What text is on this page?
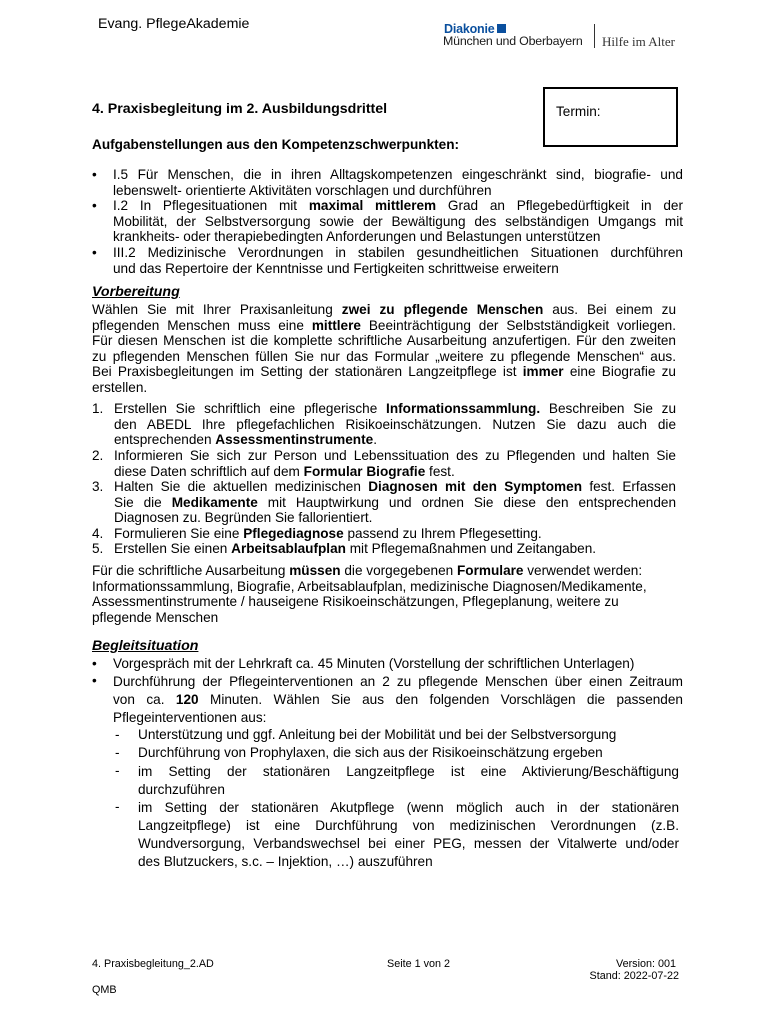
Evang. PflegeAkademie	Diakonie
München und Oberbayern Hilfe im Alter
4. Praxisbegleitung im 2. Ausbildungsdrittel	Termin:
Aufgabenstellungen aus den Kompetenzschwerpunkten:
•	I.5 Für Menschen, die in ihren Alltagskompetenzen eingeschränkt sind, biografie- und
lebenswelt- orientierte Aktivitäten vorschlagen und durchführen
•	I.2 In Pflegesituationen mit maximal mittlerem Grad an Pflegebedürftigkeit in der
Mobilität, der Selbstversorgung sowie der Bewältigung des selbständigen Umgangs mit
krankheits- oder therapiebedingten Anforderungen und Belastungen unterstützen
•	III.2 Medizinische Verordnungen in stabilen gesundheitlichen Situationen durchführen
und das Repertoire der Kenntnisse und Fertigkeiten schrittweise erweitern
Vorbereitung
Wählen Sie mit Ihrer Praxisanleitung zwei zu pflegende Menschen aus. Bei einem zu
pflegenden Menschen muss eine mittlere Beeinträchtigung der Selbstständigkeit vorliegen.
Für diesen Menschen ist die komplette schriftliche Ausarbeitung anzufertigen. Für den zweiten
zu pflegenden Menschen füllen Sie nur das Formular „weitere zu pflegende Menschen“ aus.
Bei Praxisbegleitungen im Setting der stationären Langzeitpflege ist immer eine Biografie zu
erstellen.
1. Erstellen Sie schriftlich eine pflegerische Informationssammlung. Beschreiben Sie zu
den ABEDL Ihre pflegefachlichen Risikoeinschätzungen. Nutzen Sie dazu auch die
entsprechenden Assessmentinstrumente.
2. Informieren Sie sich zur Person und Lebenssituation des zu Pflegenden und halten Sie
diese Daten schriftlich auf dem Formular Biografie fest.
3. Halten Sie die aktuellen medizinischen Diagnosen mit den Symptomen fest. Erfassen
Sie die Medikamente mit Hauptwirkung und ordnen Sie diese den entsprechenden
Diagnosen zu. Begründen Sie fallorientiert.
4. Formulieren Sie eine Pflegediagnose passend zu Ihrem Pflegesetting.
5. Erstellen Sie einen Arbeitsablaufplan mit Pflegemaßnahmen und Zeitangaben.
Für die schriftliche Ausarbeitung müssen die vorgegebenen Formulare verwendet werden:
Informationssammlung, Biografie, Arbeitsablaufplan, medizinische Diagnosen/Medikamente,
Assessmentinstrumente / hauseigene Risikoeinschätzungen, Pflegeplanung, weitere zu
pflegende Menschen
Begleitsituation
•	Vorgespräch mit der Lehrkraft ca. 45 Minuten (Vorstellung der schriftlichen Unterlagen)
•	Durchführung der Pflegeinterventionen an 2 zu pflegende Menschen über einen Zeitraum
von ca. 120 Minuten. Wählen Sie aus den folgenden Vorschlägen die passenden
Pflegeinterventionen aus:
- Unterstützung und ggf. Anleitung bei der Mobilität und bei der Selbstversorgung
- Durchführung von Prophylaxen, die sich aus der Risikoeinschätzung ergeben
- im Setting der stationären Langzeitpflege ist eine Aktivierung/Beschäftigung
durchzuführen
- im Setting der stationären Akutpflege (wenn möglich auch in der stationären
Langzeitpflege) ist eine Durchführung von medizinischen Verordnungen (z.B.
Wundversorgung, Verbandswechsel bei einer PEG, messen der Vitalwerte und/oder
des Blutzuckers, s.c. – Injektion, …) auszuführen
4. Praxisbegleitung_2.AD	Seite 1 von 2	Version: 001
Stand: 2022-07-22
QMB
